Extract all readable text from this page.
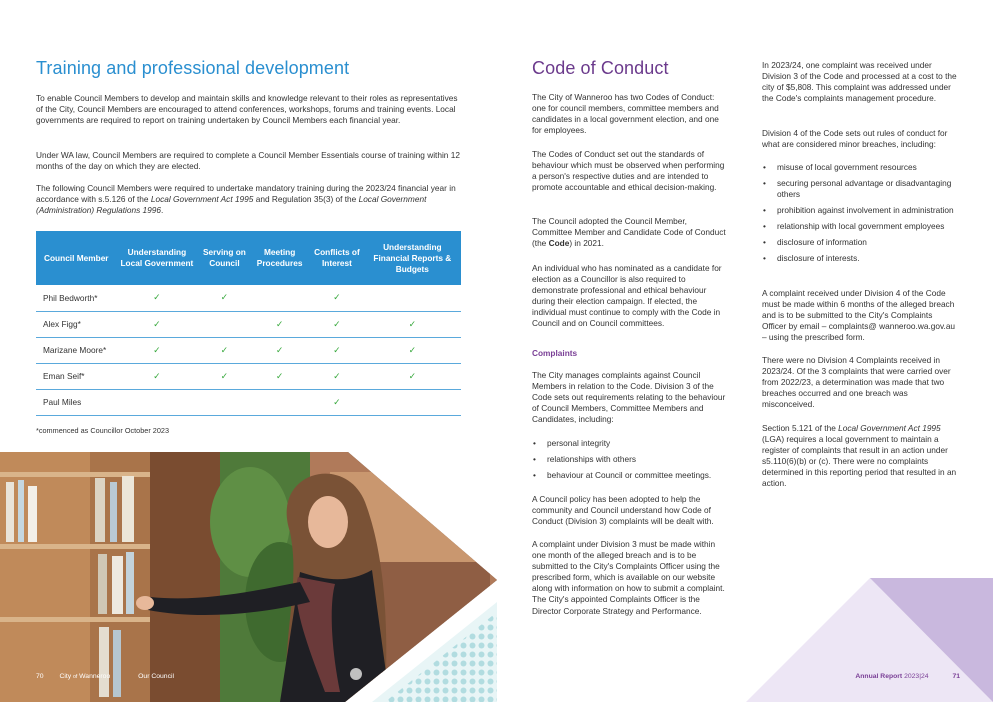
Training and professional development

To enable Council Members to develop and maintain skills and knowledge relevant to their roles as representatives of the City, Council Members are encouraged to attend conferences, workshops, forums and training events. Local governments are required to report on training undertaken by Council Members each financial year.

Under WA law, Council Members are required to complete a Council Member Essentials course of training within 12 months of the day on which they are elected.

The following Council Members were required to undertake mandatory training during the 2023/24 financial year in accordance with s.5.126 of the Local Government Act 1995 and Regulation 35(3) of the Local Government (Administration) Regulations 1996.

Council Member	Understanding Local Government	Serving on Council	Meeting Procedures	Conflicts of Interest	Understanding Financial Reports & Budgets
Phil Bedworth*	✓	✓		✓	
Alex Figg*	✓		✓	✓	✓
Marizane Moore*	✓	✓	✓	✓	✓
Eman Seif*	✓	✓	✓	✓	✓
Paul Miles				✓	

*commenced as Councillor October 2023

70 City of Wanneroo	Our Council
Code of Conduct

The City of Wanneroo has two Codes of Conduct: one for council members, committee members and candidates in a local government election, and one for employees.

The Codes of Conduct set out the standards of behaviour which must be observed when performing a person's respective duties and are intended to promote accountable and ethical decision-making.

The Council adopted the Council Member, Committee Member and Candidate Code of Conduct (the Code) in 2021.

An individual who has nominated as a candidate for election as a Councillor is also required to demonstrate professional and ethical behaviour during their election campaign. If elected, the individual must continue to comply with the Code in Council and on Council committees.

Complaints

The City manages complaints against Council Members in relation to the Code. Division 3 of the Code sets out requirements relating to the behaviour of Council Members, Committee Members and Candidates, including:

• personal integrity
• relationships with others
• behaviour at Council or committee meetings.

A Council policy has been adopted to help the community and Council understand how Code of Conduct (Division 3) complaints will be dealt with.

A complaint under Division 3 must be made within one month of the alleged breach and is to be submitted to the City's Complaints Officer using the prescribed form, which is available on our website along with information on how to submit a complaint. The City's appointed Complaints Officer is the Director Corporate Strategy and Performance.

In 2023/24, one complaint was received under Division 3 of the Code and processed at a cost to the city of $5,808. This complaint was addressed under the Code's complaints management procedure.

Division 4 of the Code sets out rules of conduct for what are considered minor breaches, including:

• misuse of local government resources
• securing personal advantage or disadvantaging others
• prohibition against involvement in administration
• relationship with local government employees
• disclosure of information
• disclosure of interests.

A complaint received under Division 4 of the Code must be made within 6 months of the alleged breach and is to be submitted to the City's Complaints Officer by email – complaints@ wanneroo.wa.gov.au – using the prescribed form.

There were no Division 4 Complaints received in 2023/24. Of the 3 complaints that were carried over from 2022/23, a determination was made that two breaches occurred and one breach was misconceived.

Section 5.121 of the Local Government Act 1995 (LGA) requires a local government to maintain a register of complaints that result in an action under s5.110(6)(b) or (c). There were no complaints determined in this reporting period that resulted in an action.

Annual Report 2023|24	71
